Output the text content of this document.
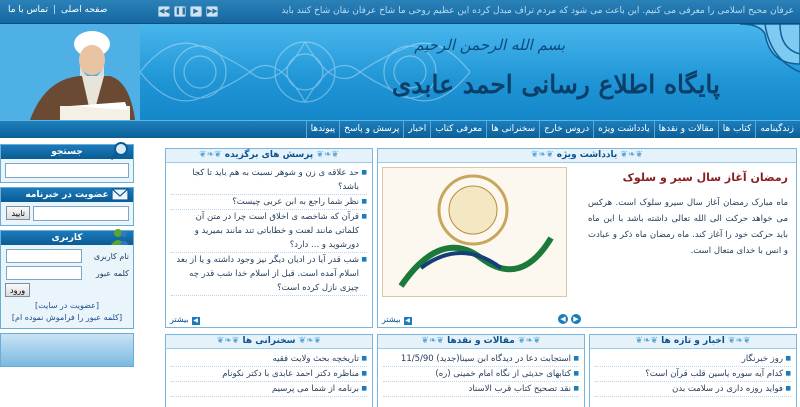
عرفان محبح اسلامی را معرفی می کنیم. این باعث می شود که مردم تراف مبدل کرده این عظیم روحی ما شاخ عرفان نقان شاخ کنند باید
◀◀ ❚❚ ▶	▶▶
صفحه اصلی|تماس با ما
بسم الله الرحمن الرحیم
پایگاه اطلاع رسانی احمد عابدی
زندگینامه
کتاب ها
مقالات و نقدها
یادداشت ویژه
دروس خارج
سخنرانی ها
معرفی کتاب
اخبار
پرسش و پاسخ
پیوندها
جستجو
عضویت در خبرنامه
تایید
کاربری
نام کاربری
کلمه عبور
ورود
[عضویت در سایت]
[کلمه عبور را فراموش نموده ام]
❦❧❦ یادداشت ویژه ❦❧❦
رمضان آغاز سال سیر و سلوک
ماه مبارک رمضان آغاز سال سیرو سلوک است. هرکس می خواهد حرکت الی الله تعالی داشته باشد با این ماه باید حرکت خود را آغاز کند. ماه رمضان ماه ذکر و عبادت و انس با خدای متعال است.
◀بیشتر	◀	▶
❦❧❦ پرسش های برگزیده ❦❧❦
■ حد علاقه ی زن و شوهر نسبت به هم باید تا کجا باشد؟
■ نظر شما راجع به ابن عربی چیست؟
■ قرآن که شاخصه ی اخلاق است چرا در متن آن کلماتی مانند لعنت و خطاباتی تند مانند بمیرید و دورشوید و ... دارد؟
■ شب قدر آیا در ادیان دیگر نیز وجود داشته و یا از بعد اسلام آمده است. قبل از اسلام خدا شب قدر چه چیزی نازل کرده است؟
◀بیشتر
❦❧❦ اخبار و تازه ها ❦❧❦
■ روز خبرنگار
■ کدام آیه سوره یاسین قلب قرآن است؟
■ فواید روزه داری در سلامت بدن
❦❧❦ مقالات و نقدها ❦❧❦
■ استجابت دعا در دیدگاه ابن سینا(جدید) 11/5/90
■ کتابهای حدیثی از نگاه امام خمینی (ره)
■ نقد تصحیح کتاب قرب الاسناد
❦❧❦ سخنرانی ها ❦❧❦
■ تاریخچه بحث ولایت فقیه
■ مناظره دکتر احمد عابدی با دکتر نکونام
■ برنامه از شما می پرسیم
